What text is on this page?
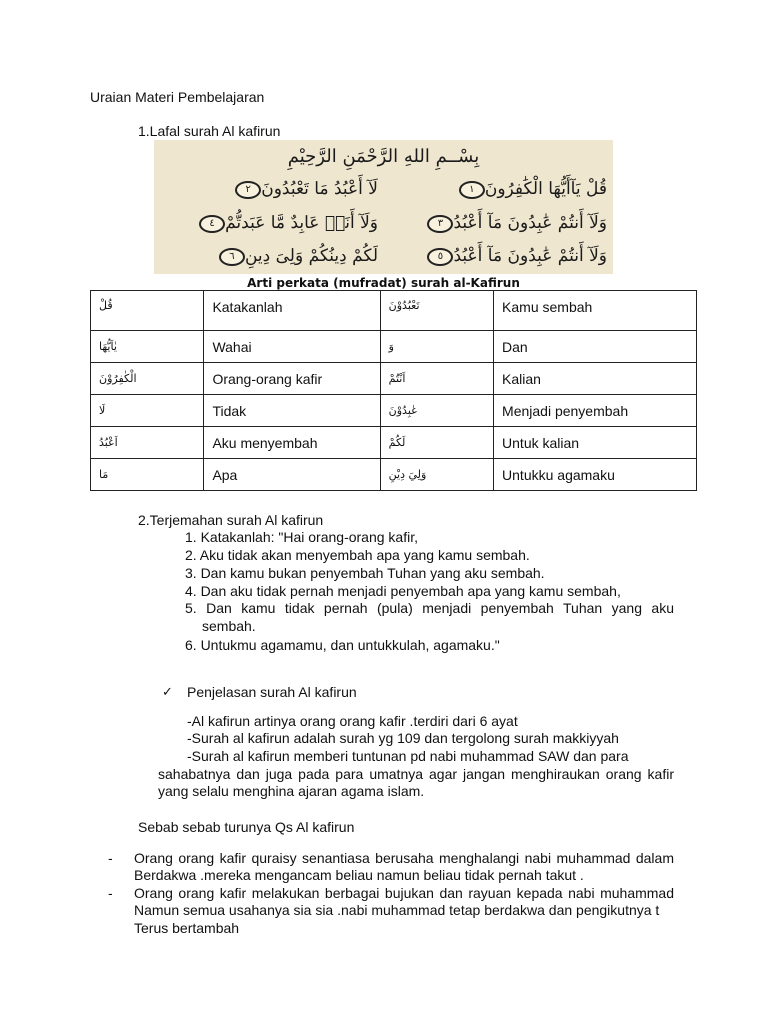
Uraian Materi Pembelajaran
1.Lafal surah Al kafirun
بِسْــمِ اللهِ الرَّحْمَنِ الرَّحِيْمِ
قُلْ يَآأَيُّهَا الْكَٰفِرُونَ١
لَآ أَعْبُدُ مَا تَعْبُدُونَ٢
وَلَآ أَنتُمْ عَٰبِدُونَ مَآ أَعْبُدُ٣
وَلَآ أَنَا۠ عَابِدٌ مَّا عَبَدتُّمْ٤
وَلَآ أَنتُمْ عَٰبِدُونَ مَآ أَعْبُدُ٥
لَكُمْ دِينُكُمْ وَلِىَ دِينِ٦
Arti perkata (mufradat) surah al-Kafirun
قُلْ	Katakanlah	تَعْبُدُوْنَ	Kamu sembah
يٰاَيُّهَا	Wahai	وَ	Dan
الْكٰفِرُوْنَ	Orang-orang kafir	اَنْتُمْ	Kalian
لَا	Tidak	عٰبِدُوْنَ	Menjadi penyembah
اَعْبُدُ	Aku menyembah	لَكُمْ	Untuk kalian
مَا	Apa	وَلِيَ دِيْنِ	Untukku agamaku
2.Terjemahan surah Al kafirun
1. Katakanlah: "Hai orang-orang kafir,
2. Aku tidak akan menyembah apa yang kamu sembah.
3. Dan kamu bukan penyembah Tuhan yang aku sembah.
4. Dan aku tidak pernah menjadi penyembah apa yang kamu sembah,
5. Dan kamu tidak pernah (pula) menjadi penyembah Tuhan yang aku
sembah.
6. Untukmu agamamu, dan untukkulah, agamaku."
✓ Penjelasan surah Al kafirun
-Al kafirun artinya orang orang kafir .terdiri dari 6 ayat
-Surah al kafirun adalah surah yg 109 dan tergolong surah makkiyyah
-Surah al kafirun memberi tuntunan pd nabi muhammad SAW dan para
sahabatnya dan juga pada para umatnya agar jangan menghiraukan orang kafir
yang selalu menghina ajaran agama islam.
Sebab sebab turunya Qs Al kafirun
- Orang orang kafir quraisy senantiasa berusaha menghalangi nabi muhammad dalam
Berdakwa .mereka mengancam beliau namun beliau tidak pernah takut .
- Orang orang kafir melakukan berbagai bujukan dan rayuan kepada nabi muhammad
Namun semua usahanya sia sia .nabi muhammad tetap berdakwa dan pengikutnya t
Terus bertambah
